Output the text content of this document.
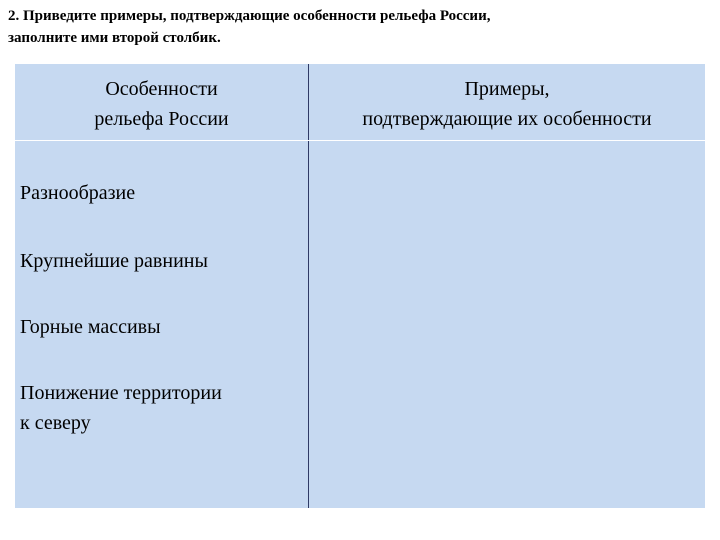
2. Приведите примеры, подтверждающие особенности рельефа России,
заполните ими второй столбик.
Особенности
рельефа России
Примеры,
подтверждающие их особенности
Разнообразие
Крупнейшие равнины
Горные массивы
Понижение территории
к северу
